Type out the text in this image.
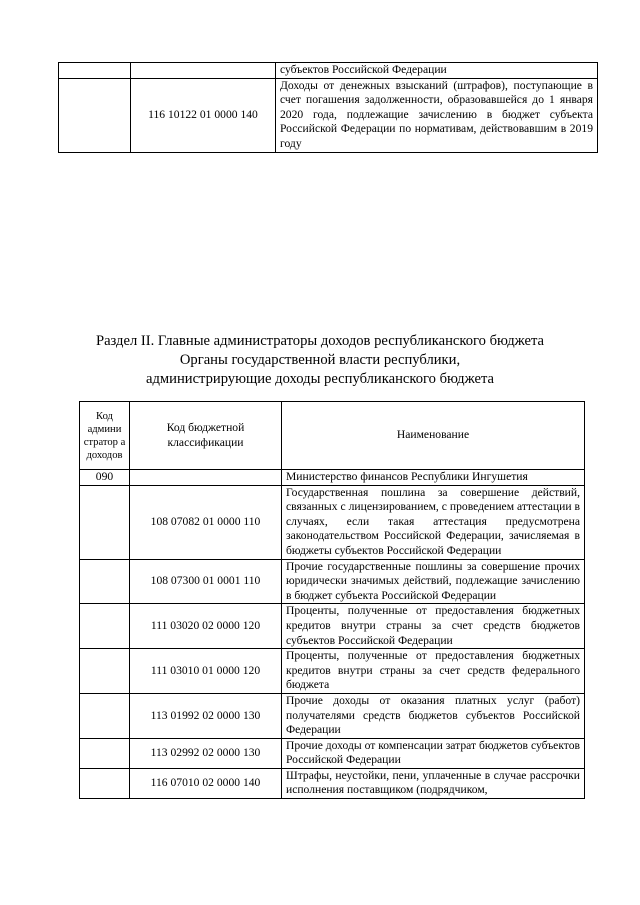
		субъектов Российской Федерации
	116 10122 01 0000 140	Доходы от денежных взысканий (штрафов), поступающие в счет погашения задолженности, образовавшейся до 1 января 2020 года, подлежащие зачислению в бюджет субъекта Российской Федерации по нормативам, действовавшим в 2019 году
Раздел II. Главные администраторы доходов республиканского бюджета
Органы государственной власти республики,
администрирующие доходы республиканского бюджета
Код админи стратор а доходов	Код бюджетной классификации	Наименование
090		Министерство финансов Республики Ингушетия
	108 07082 01 0000 110	Государственная пошлина за совершение действий, связанных с лицензированием, с проведением аттестации в случаях, если такая аттестация предусмотрена законодательством Российской Федерации, зачисляемая в бюджеты субъектов Российской Федерации
	108 07300 01 0001 110	Прочие государственные пошлины за совершение прочих юридически значимых действий, подлежащие зачислению в бюджет субъекта Российской Федерации
	111 03020 02 0000 120	Проценты, полученные от предоставления бюджетных кредитов внутри страны за счет средств бюджетов субъектов Российской Федерации
	111 03010 01 0000 120	Проценты, полученные от предоставления бюджетных кредитов внутри страны за счет средств федерального бюджета
	113 01992 02 0000 130	Прочие доходы от оказания платных услуг (работ) получателями средств бюджетов субъектов Российской Федерации
	113 02992 02 0000 130	Прочие доходы от компенсации затрат бюджетов субъектов Российской Федерации
	116 07010 02 0000 140	Штрафы, неустойки, пени, уплаченные в случае рассрочки исполнения поставщиком (подрядчиком,
